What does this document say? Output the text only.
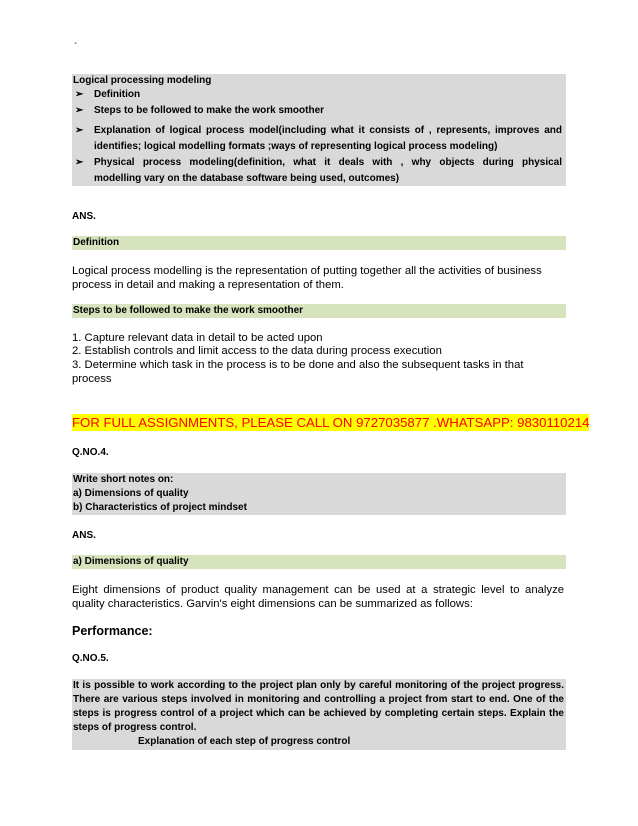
`
Logical processing modeling
➢ Definition
➢ Steps to be followed to make the work smoother
➢ Explanation of logical process model(including what it consists of , represents, improves and
identifies; logical modelling formats ;ways of representing logical process modeling)
➢ Physical process modeling(definition, what it deals with , why objects during physical
modelling vary on the database software being used, outcomes)
ANS.
Definition
Logical process modelling is the representation of putting together all the activities of business
process in detail and making a representation of them.
Steps to be followed to make the work smoother
1. Capture relevant data in detail to be acted upon
2. Establish controls and limit access to the data during process execution
3. Determine which task in the process is to be done and also the subsequent tasks in that
process
FOR FULL ASSIGNMENTS, PLEASE CALL ON 9727035877 .WHATSAPP: 9830110214
Q.NO.4.
Write short notes on:
a) Dimensions of quality
b) Characteristics of project mindset
ANS.
a) Dimensions of quality
Eight dimensions of product quality management can be used at a strategic level to analyze
quality characteristics. Garvin's eight dimensions can be summarized as follows:
Performance:
Q.NO.5.
It is possible to work according to the project plan only by careful monitoring of the project progress.
There are various steps involved in monitoring and controlling a project from start to end. One of the
steps is progress control of a project which can be achieved by completing certain steps. Explain the
steps of progress control.
Explanation of each step of progress control
